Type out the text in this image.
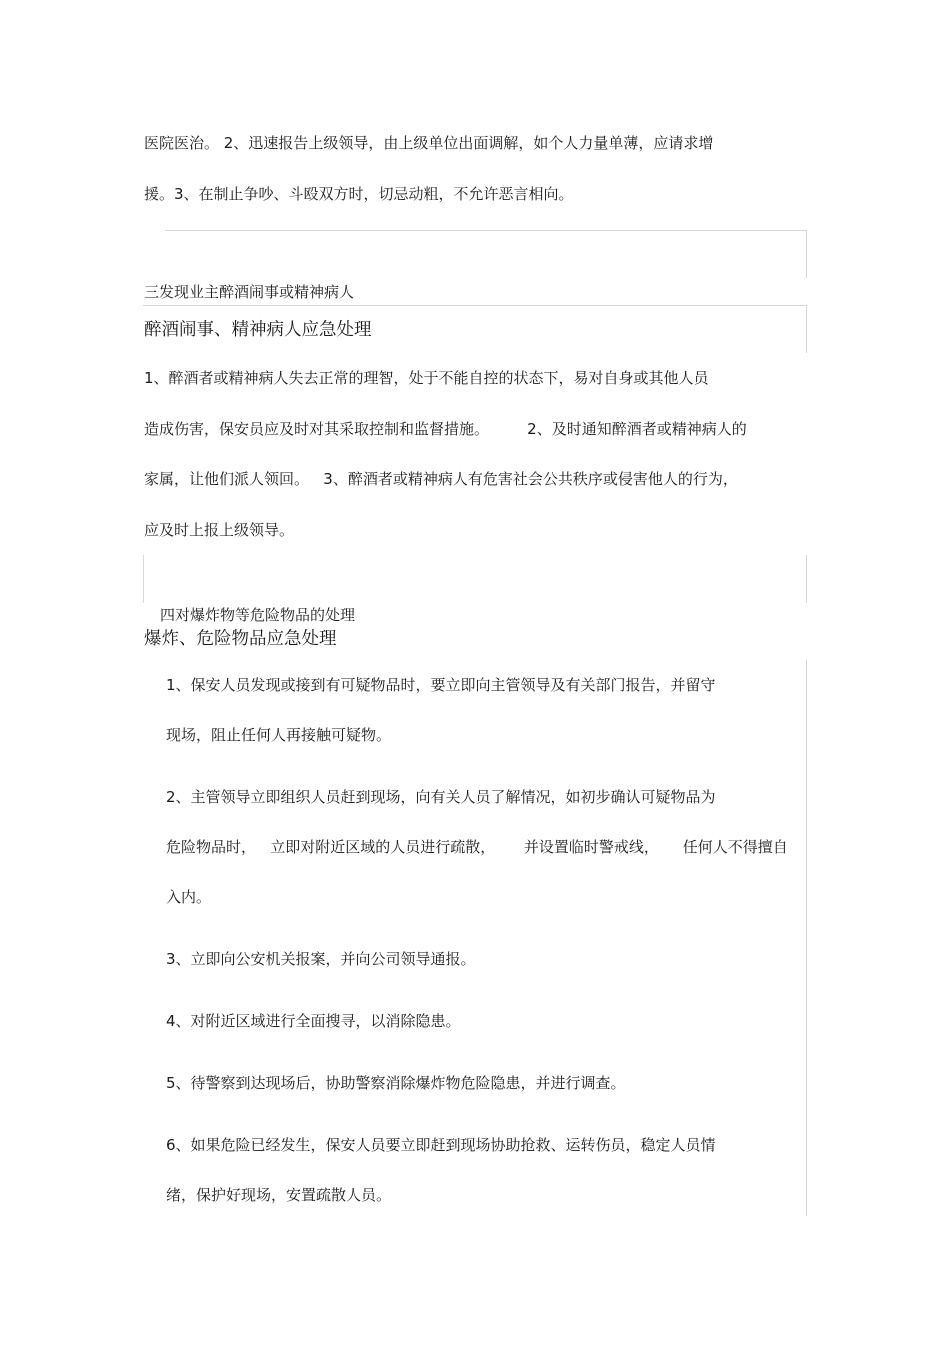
医院医治。 2、迅速报告上级领导，由上级单位出面调解，如个人力量单薄，应请求增
援。3、在制止争吵、斗殴双方时，切忌动粗，不允许恶言相向。
三发现业主醉酒闹事或精神病人
醉酒闹事、精神病人应急处理
1、醉酒者或精神病人失去正常的理智，处于不能自控的状态下，易对自身或其他人员
造成伤害，保安员应及时对其采取控制和监督措施。        2、及时通知醉酒者或精神病人的
家属，让他们派人领回。   3、醉酒者或精神病人有危害社会公共秩序或侵害他人的行为，
应及时上报上级领导。
四对爆炸物等危险物品的处理
爆炸、危险物品应急处理
1、保安人员发现或接到有可疑物品时，要立即向主管领导及有关部门报告，并留守
现场，阻止任何人再接触可疑物。
2、主管领导立即组织人员赶到现场，向有关人员了解情况，如初步确认可疑物品为
危险物品时，   立即对附近区域的人员进行疏散，      并设置临时警戒线，     任何人不得擅自
入内。
3、立即向公安机关报案，并向公司领导通报。
4、对附近区域进行全面搜寻，以消除隐患。
5、待警察到达现场后，协助警察消除爆炸物危险隐患，并进行调查。
6、如果危险已经发生，保安人员要立即赶到现场协助抢救、运转伤员，稳定人员情
绪，保护好现场，安置疏散人员。
